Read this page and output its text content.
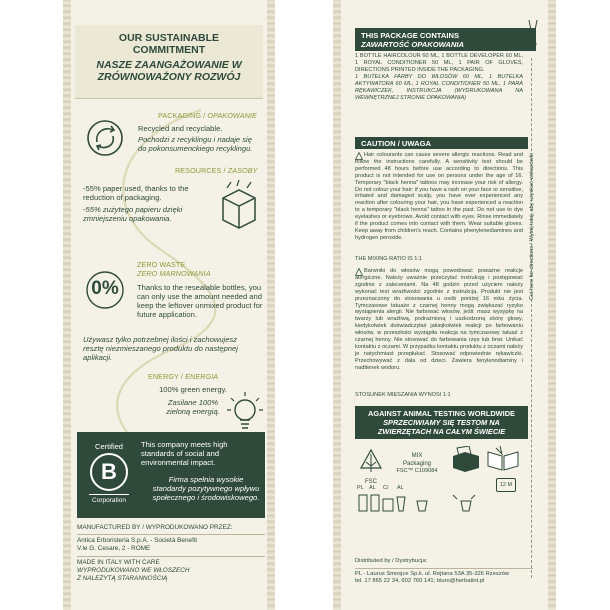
OUR SUSTAINABLE COMMITMENT
NASZE ZAANGAŻOWANIE W ZRÓWNOWAŻONY ROZWÓJ
PACKAGING / OPAKOWANIE
Recycled and recyclable.
Pochodzi z recyklingu i nadaje się do pokonsumenckiego recyklingu.
RESOURCES / ZASOBY
-55% paper used, thanks to the reduction of packaging.
-55% zużytego papieru dzięki zmniejszeniu opakowania.
ZERO WASTE
ZERO MARNOWANIA
0%	Thanks to the resealable bottles, you can only use the amount needed and keep the leftover unmixed product for future application.
Używasz tylko potrzebnej ilości i zachowujesz resztę niezmieszanego produktu do następnej aplikacji.
ENERGY / ENERGIA
100% green energy.
Zasilane 100% zieloną energią.
Certified
B
Corporation
This company meets high standards of social and environmental impact.
Firma spełnia wysokie standardy pozytywnego wpływu społecznego i środowiskowego.
MANUFACTURED BY / WYPRODUKOWANO PRZEZ:
Antica Erboristeria S.p.A. - Società Benefit
V.le G. Cesare, 2 - ROME
MADE IN ITALY WITH CARE
WYPRODUKOWANO WE WŁOSZECH
Z NALEŻYTĄ STARANNOŚCIĄ
THIS PACKAGE CONTAINS
ZAWARTOŚĆ OPAKOWANIA
1 BOTTLE HAIRCOLOUR 60 ML, 1 BOTTLE DEVELOPER 60 ML, 1 ROYAL CONDITIONER 50 ML, 1 PAIR OF GLOVES, DIRECTIONS PRINTED INSIDE THE PACKAGING.
1 BUTELKA FARBY DO WŁOSÓW 60 ML, 1 BUTELKA AKTYWATORA 60 ML, 1 ROYAL CONDITIONER 50 ML, 1 PARA RĘKAWICZEK, INSTRUKCJA (WYDRUKOWANA NA WEWNĘTRZNEJ STRONIE OPAKOWANIA)
CAUTION / UWAGA
Hair colourants can cause severe allergic reactions. Read and follow the instructions carefully. A sensitivity test should be performed 48 hours before use according to directions. This product is not intended for use on persons under the age of 16. Temporary "black henna" tattoos may increase your risk of allergy. Do not colour your hair: if you have a rash on your face or sensitive, irritated and damaged scalp, you have ever experienced any reaction after colouring your hair, you have experienced a reaction to a temporary "black henna" tattoo in the past. Do not use to dye eyelashes or eyebrows. Avoid contact with eyes. Rinse immediately if the product comes into contact with them. Wear suitable gloves. Keep away from children's reach. Contains phenylenediamines and hydrogen peroxide.
THE MIXING RATIO IS 1:1
Barwniki do włosów mogą powodować poważne reakcje alergiczne. Należy uważnie przeczytać instrukcję i postępować zgodnie z zaleceniami. Na 48 godzin przed użyciem należy wykonać test wrażliwości zgodnie z instrukcją. Produkt nie jest przeznaczony do stosowania u osób poniżej 16 roku życia. Tymczasowe tatuaże z czarnej henny mogą zwiększać ryzyko wystąpienia alergii. Nie farbować włosów, jeśli: masz wysypkę na twarzy lub wrażliwą, podrażnioną i uszkodzoną skórę głowy, kiedykolwiek doświadczyłaś jakiejkolwiek reakcji po farbowaniu włosów, w przeszłości wystąpiła reakcja na tymczasowy tatuaż z czarnej henny. Nie stosować do farbowania rzęs lub brwi. Unikać kontaktu z oczami. W przypadku kontaktu produktu z oczami należy je natychmiast przepłukać. Stosować odpowiednie rękawiczki. Przechowywać z dala od dzieci. Zawiera fenylenodiaminy i nadtlenek wodoru.
STOSUNEK MIESZANIA WYNOSI 1:1
AGAINST ANIMAL TESTING WORLDWIDE
SPRZECIWIAMY SIĘ TESTOM NA ZWIERZĘTACH NA CAŁYM ŚWIECIE
Cut here for directions / Wytnij tutaj, aby uzyskać wskazówki
FSC
MIX
Packaging
FSC™ C109084
12 M
PL AL C/ AL
Distributed by / Dystrybucja:
PL - Laurus Smosjce Sp.k. ul. Rejtana 53A 35-326 Rzeszów
tel. 17 865 22 34, 602 760 141; biuro@herbatint.pl
